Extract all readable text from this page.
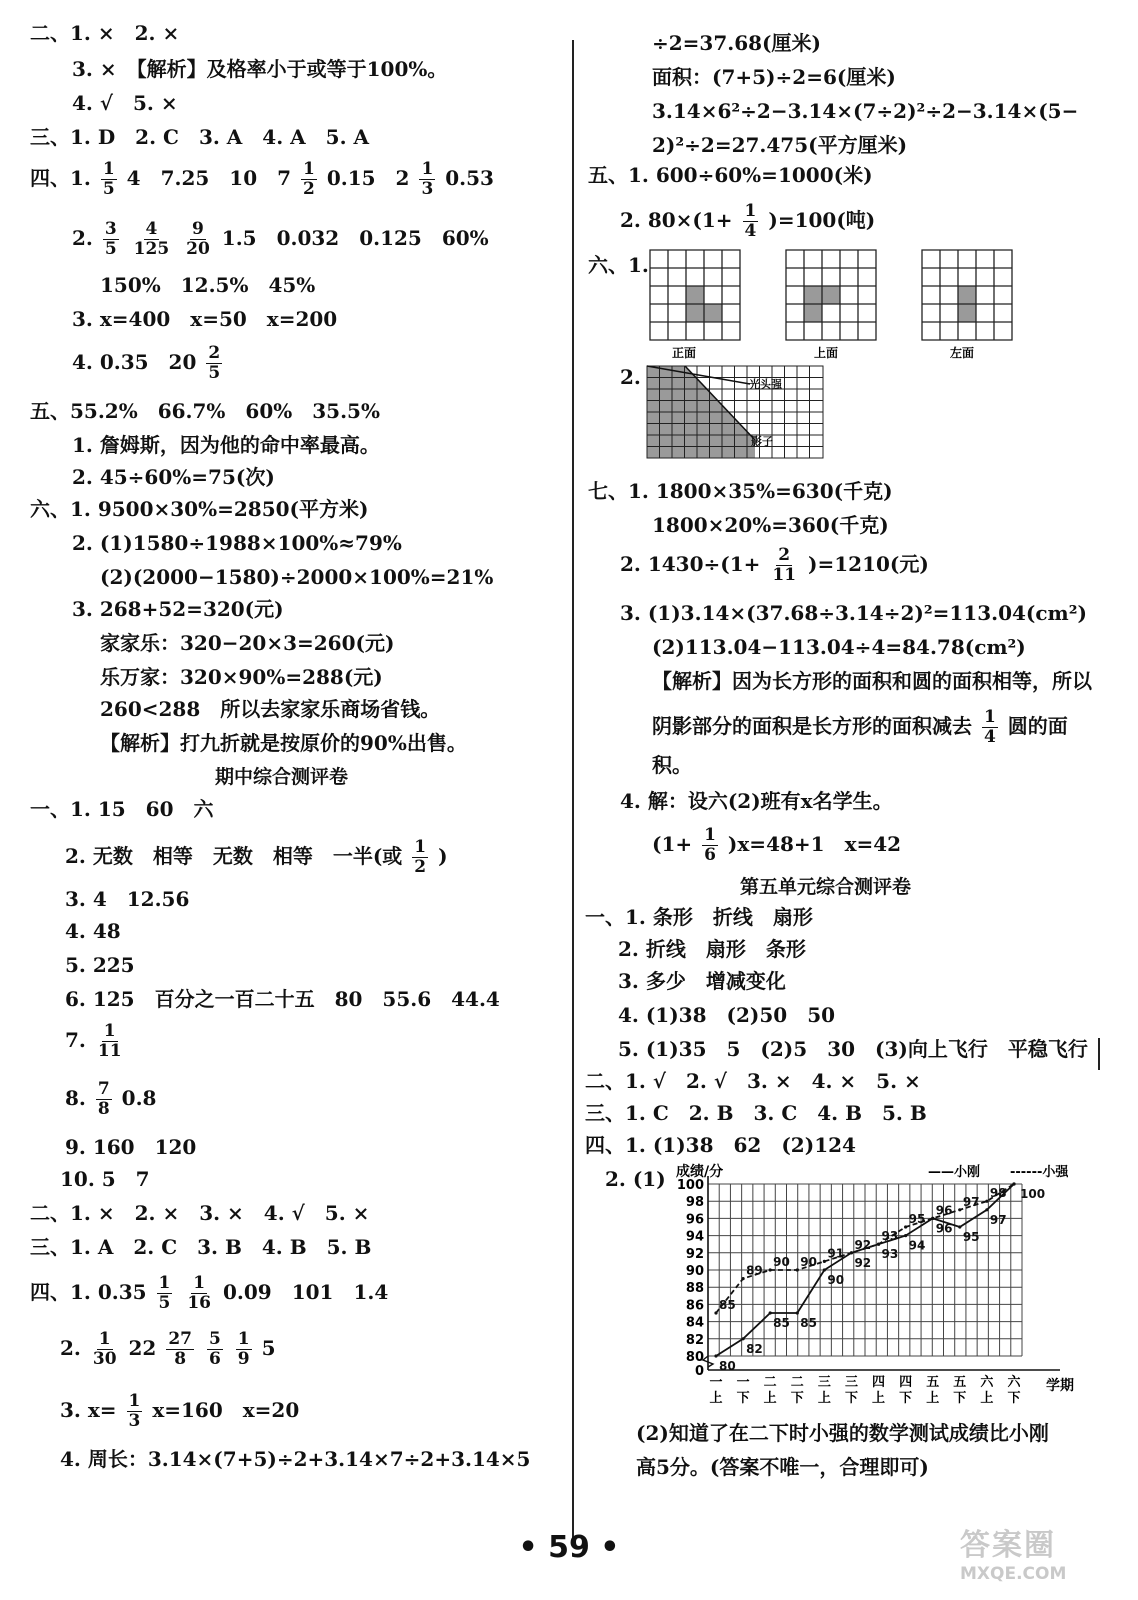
二、1. ×　2. ×
3. ×　【解析】及格率小于或等于100%。
4. √　5. ×
三、1. D　2. C　3. A　4. A　5. A
四、1. $\frac{1}{5} 4$　7.25　10　$7 \frac{1}{2} 0.15$　$2 \frac{1}{3} 0.53$
2. $\frac{3}{5}$
$\frac{4}{125}$
$\frac{9}{20} 1.5$　0.032　0.125　60%
150%　12.5%　45%
3. x=400　x=50　x=200
4. 0.35　$20 \frac{2}{5}$
五、55.2%　66.7%　60%　35.5%
1. 詹姆斯，因为他的命中率最高。
2. 45÷60%=75(次)
六、1. 9500×30%=2850(平方米)
2. (1)1580÷1988×100%≈79%
(2)(2000−1580)÷2000×100%=21%
3. 268+52=320(元)
家家乐：320−20×3=260(元)
乐万家：320×90%=288(元)
260<288　所以去家家乐商场省钱。
【解析】打九折就是按原价的90%出售。
期中综合测评卷
一、1. 15　60　六
2. 无数　相等　无数　相等　一半(或 $\frac{1}{2}$ )
3. 4　12.56
4. 48
5. 225
6. 125　百分之一百二十五　80　55.6　44.4
7. $\frac{1}{11}$
8. $\frac{7}{8} 0.8$
9. 160　120
10. 5　7
二、1. ×　2. ×　3. ×　4. √　5. ×
三、1. A　2. C　3. B　4. B　5. B
四、1. $0.35 \frac{1}{5}$
$\frac{1}{16} 0.09$　101　1.4
2. $\frac{1}{30} 22 \frac{27}{8}$
$\frac{5}{6}$
$\frac{1}{9} 5$
3. $x= \frac{1}{3} x=160$　x=20
4. 周长：3.14×(7+5)÷2+3.14×7÷2+3.14×5
÷2=37.68(厘米)
面积：(7+5)÷2=6(厘米)
3.14×6²÷2−3.14×(7÷2)²÷2−3.14×(5−
2)²÷2=27.475(平方厘米)
五、1. 600÷60%=1000(米)
2. $80\times(1+ \frac{1}{4} )=100$(吨)
六、1.
正面	上面	左面
2.	光头强
影子
七、1. 1800×35%=630(千克)
1800×20%=360(千克)
2. $1430\div(1+ \frac{2}{11} )=1210$(元)
3. (1)3.14×(37.68÷3.14÷2)²=113.04(cm²)
(2)113.04−113.04÷4=84.78(cm²)
【解析】因为长方形的面积和圆的面积相等，所以
阴影部分的面积是长方形的面积减去 $\frac{1}{4}$ 圆的面
积。
4. 解：设六(2)班有x名学生。
$(1+ \frac{1}{6} )x=48+1$　x=42
第五单元综合测评卷
一、1. 条形　折线　扇形
2. 折线　扇形　条形
3. 多少　增减变化
4. (1)38　(2)50　50
5. (1)35　5　(2)5　30　(3)向上飞行　平稳飞行
二、1. √　2. √　3. ×　4. ×　5. ×
三、1. C　2. B　3. C　4. B　5. B
四、1. (1)38　62　(2)124
2. (1) 成绩/分	——小刚 ------小强
0
80
82
84
86
88
90
92
94
96
98
100
一
上
一
下
二
上
二
下
三
上
三
下
四
上
四
下
五
上
五
下
六
上
六
下
80
82
85 85
90
92
93
94
96
95
97
100
85
89
90 90
91
92
93
95
96
97
98
学期
(2)知道了在二下时小强的数学测试成绩比小刚
高5分。(答案不唯一，合理即可)
• 59 •	答案圈
MXQE.COM
